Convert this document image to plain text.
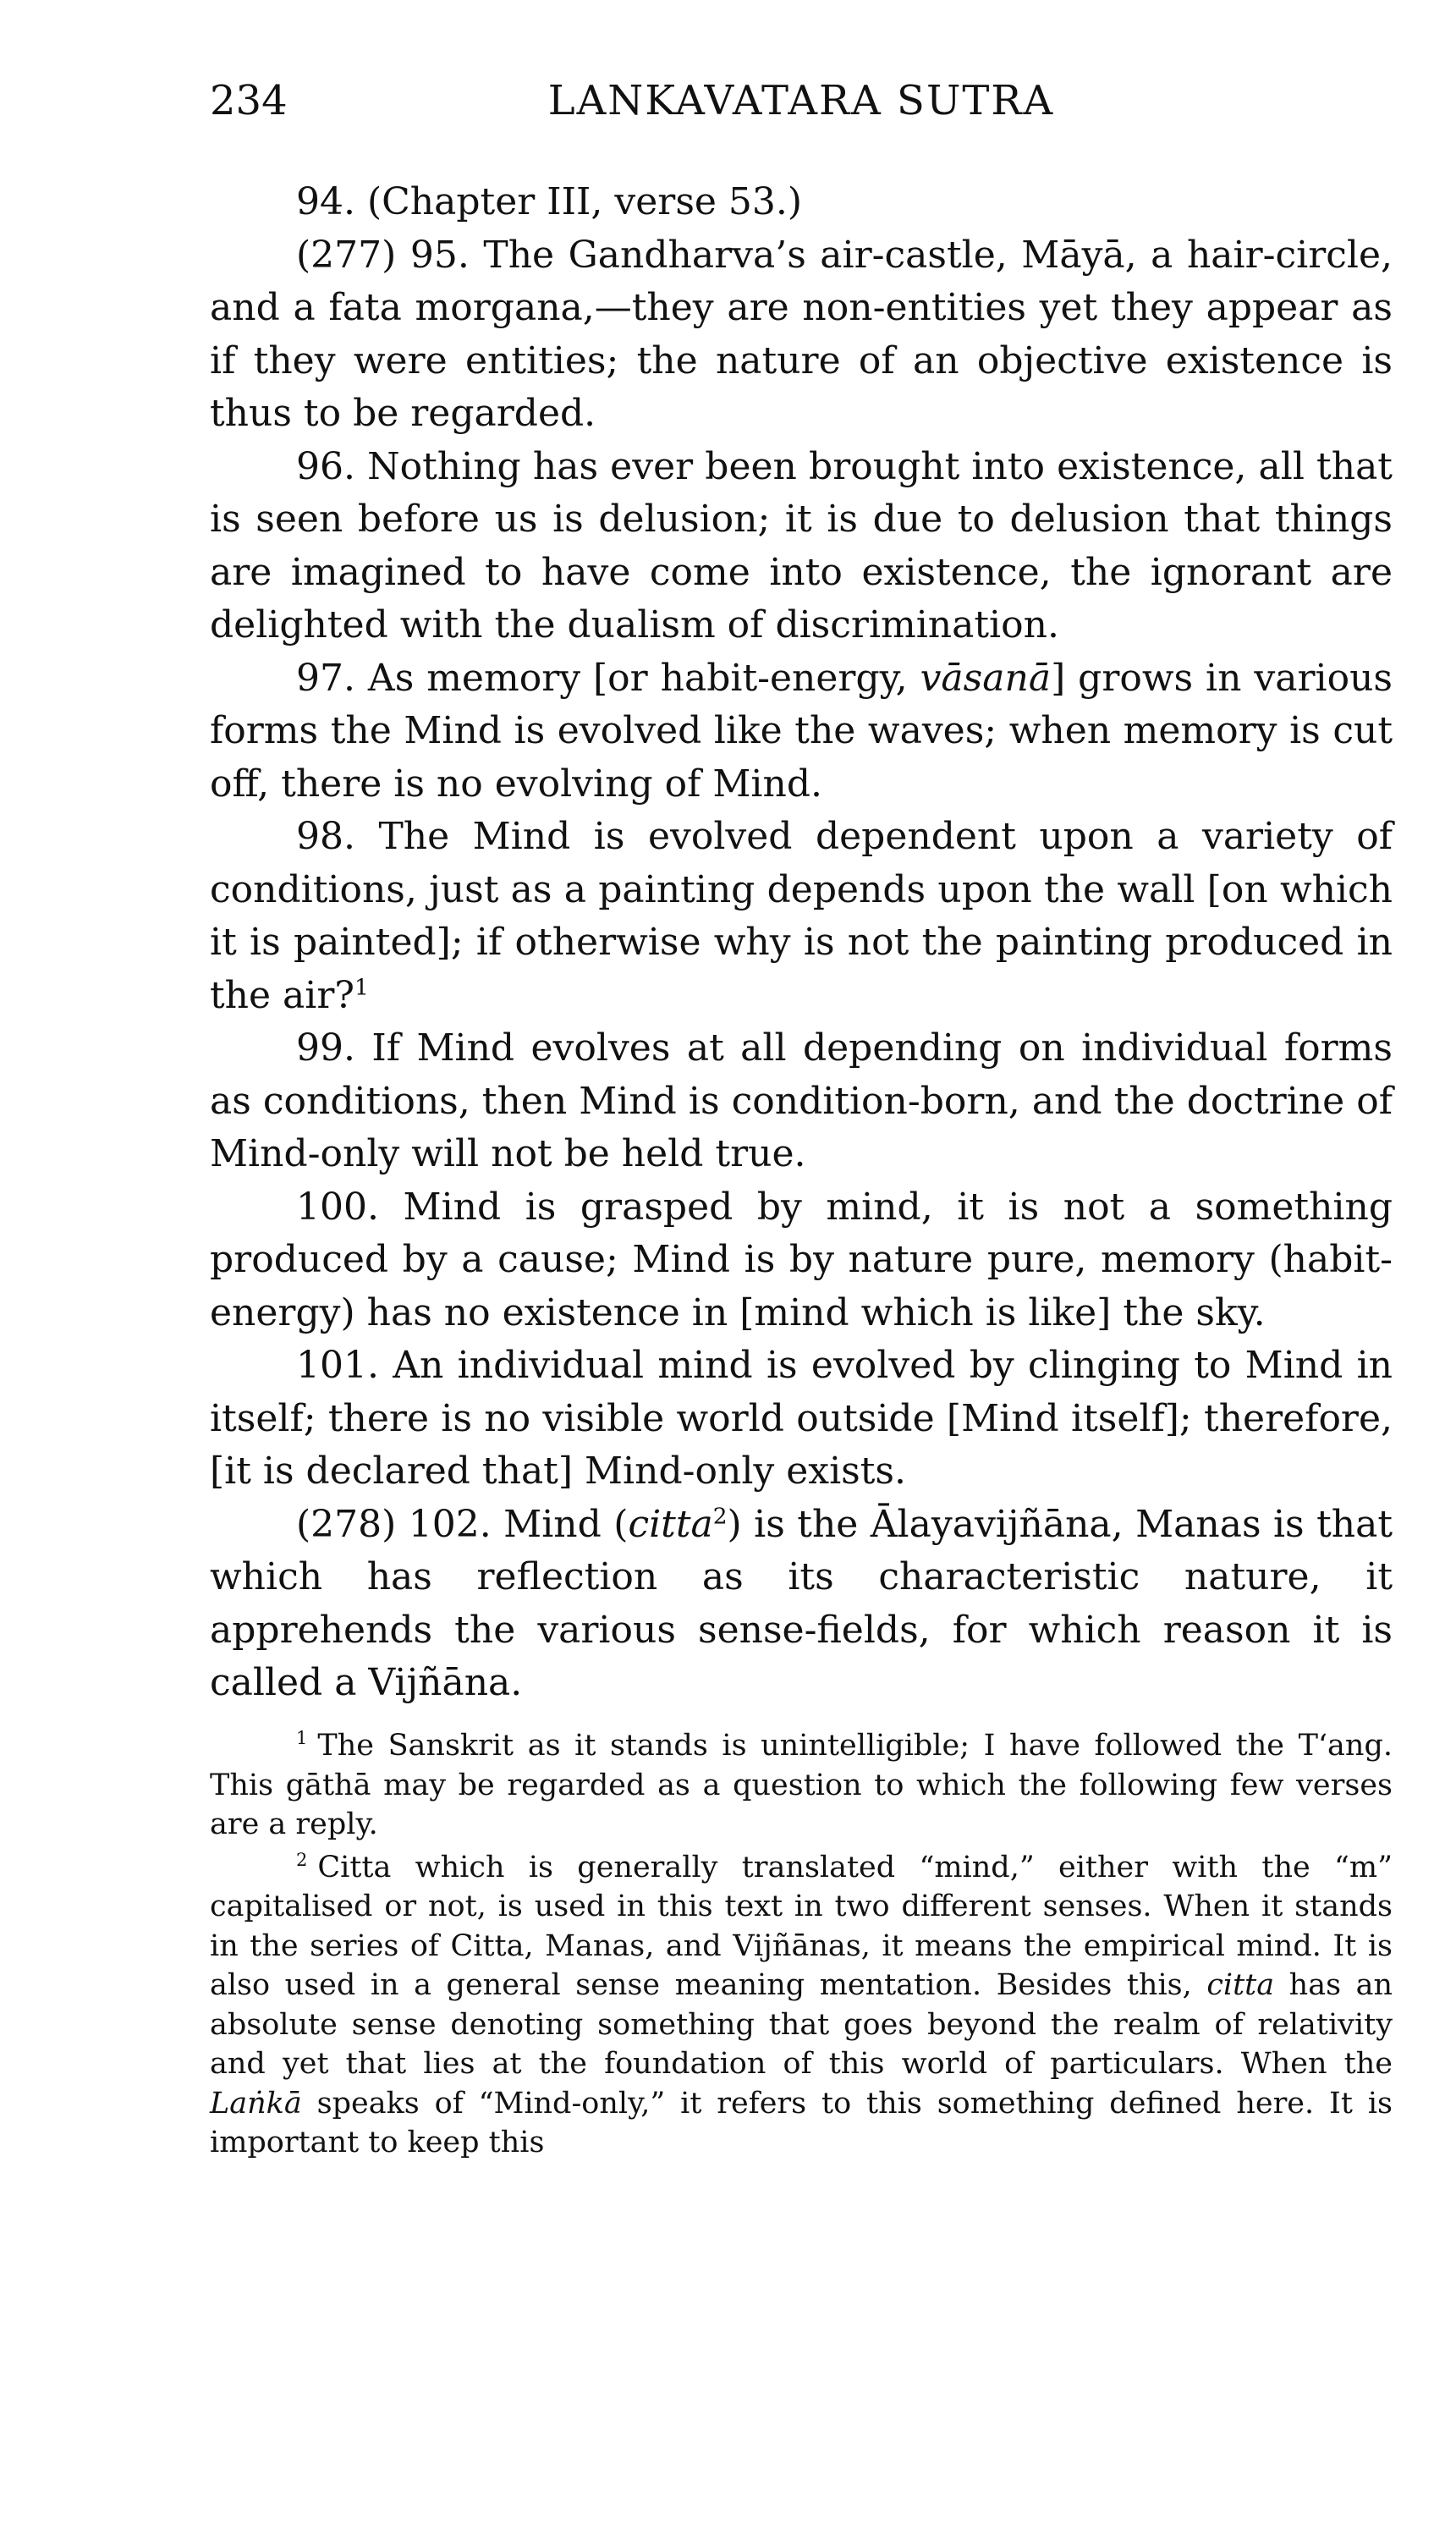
234	LANKAVATARA SUTRA

94. (Chapter III, verse 53.)

(277) 95. The Gandharva’s air-castle, Māyā, a hair-circle, and a fata morgana,—they are non-entities yet they appear as if they were entities; the nature of an objective existence is thus to be regarded.

96. Nothing has ever been brought into existence, all that is seen before us is delusion; it is due to delusion that things are imagined to have come into existence, the ignorant are delighted with the dualism of discrimination.

97. As memory [or habit-energy, vāsanā] grows in various forms the Mind is evolved like the waves; when memory is cut off, there is no evolving of Mind.

98. The Mind is evolved dependent upon a variety of conditions, just as a painting depends upon the wall [on which it is painted]; if otherwise why is not the painting produced in the air?$^1$

99. If Mind evolves at all depending on individual forms as conditions, then Mind is condition-born, and the doctrine of Mind-only will not be held true.

100. Mind is grasped by mind, it is not a something produced by a cause; Mind is by nature pure, memory (habit-energy) has no existence in [mind which is like] the sky.

101. An individual mind is evolved by clinging to Mind in itself; there is no visible world outside [Mind itself]; therefore, [it is declared that] Mind-only exists.

(278) 102. Mind (citta$^2$) is the Ālayavijñāna, Manas is that which has reflection as its characteristic nature, it apprehends the various sense-fields, for which reason it is called a Vijñāna.

$^1$ The Sanskrit as it stands is unintelligible; I have followed the T‘ang. This gāthā may be regarded as a question to which the following few verses are a reply.

$^2$ Citta which is generally translated “mind,” either with the “m” capitalised or not, is used in this text in two different senses. When it stands in the series of Citta, Manas, and Vijñānas, it means the empirical mind. It is also used in a general sense meaning mentation. Besides this, citta has an absolute sense denoting something that goes beyond the realm of relativity and yet that lies at the foundation of this world of particulars. When the Laṅkā speaks of “Mind-only,” it refers to this something defined here. It is important to keep this
